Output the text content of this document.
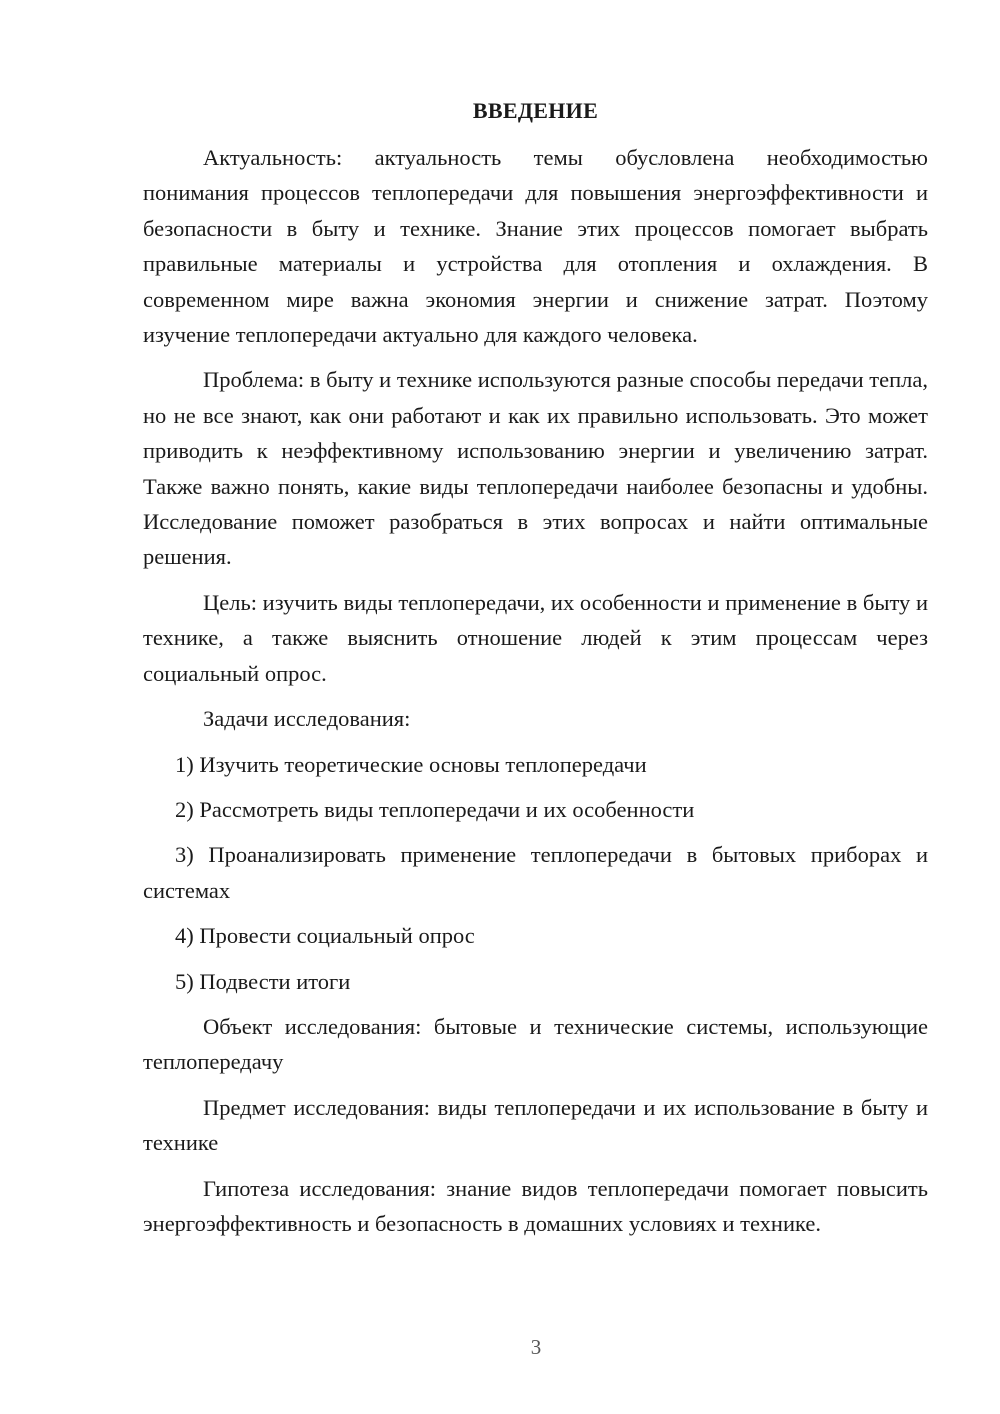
ВВЕДЕНИЕ

Актуальность: актуальность темы обусловлена необходимостью понимания процессов теплопередачи для повышения энергоэффективности и безопасности в быту и технике. Знание этих процессов помогает выбрать правильные материалы и устройства для отопления и охлаждения. В современном мире важна экономия энергии и снижение затрат. Поэтому изучение теплопередачи актуально для каждого человека.

Проблема: в быту и технике используются разные способы передачи тепла, но не все знают, как они работают и как их правильно использовать. Это может приводить к неэффективному использованию энергии и увеличению затрат. Также важно понять, какие виды теплопередачи наиболее безопасны и удобны. Исследование поможет разобраться в этих вопросах и найти оптимальные решения.

Цель: изучить виды теплопередачи, их особенности и применение в быту и технике, а также выяснить отношение людей к этим процессам через социальный опрос.

Задачи исследования:

1) Изучить теоретические основы теплопередачи

2) Рассмотреть виды теплопередачи и их особенности

3) Проанализировать применение теплопередачи в бытовых приборах и системах

4) Провести социальный опрос

5) Подвести итоги

Объект исследования: бытовые и технические системы, использующие теплопередачу

Предмет исследования: виды теплопередачи и их использование в быту и технике

Гипотеза исследования: знание видов теплопередачи помогает повысить энергоэффективность и безопасность в домашних условиях и технике.

3
